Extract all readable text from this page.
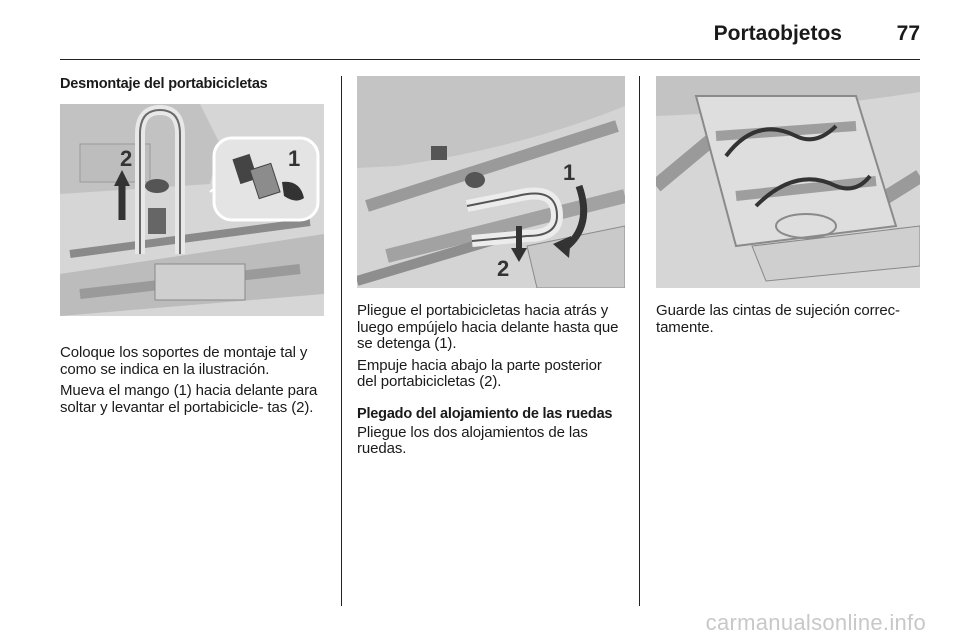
Portaobjetos	77
Desmontaje del portabicicletas
2	1

Coloque los soportes de montaje tal y como se indica en la ilustración.

Mueva el mango (1) hacia delante para soltar y levantar el portabicicle‐ tas (2).

1
2

Pliegue el portabicicletas hacia atrás y luego empújelo hacia delante hasta que se detenga (1).

Empuje hacia abajo la parte posterior del portabicicletas (2).

Plegado del alojamiento de las ruedas

Pliegue los dos alojamientos de las ruedas.

Guarde las cintas de sujeción correc‐ tamente.

carmanualsonline.info
